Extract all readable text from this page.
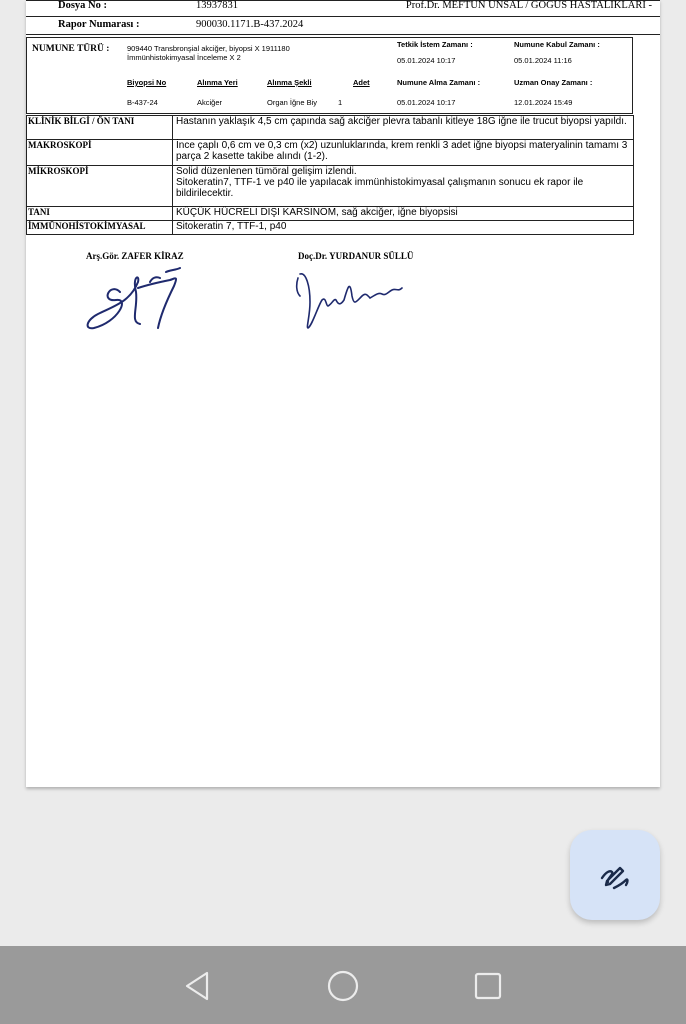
Dosya No :	13937831	Prof.Dr. MEFTUN ÜNSAL / GÖĞÜS HASTALIKLARI -
Rapor Numarası :	900030.1171.B-437.2024
NUMUNE TÜRÜ : 909440 Transbronşial akciğer, biyopsi X 1911180
İmmünhistokimyasal İnceleme X 2
Tetkik İstem Zamanı :
05.01.2024 10:17
Numune Kabul Zamanı :
05.01.2024 11:16
Biyopsi No	Alınma Yeri	Alınma Şekli	Adet	Numune Alma Zamanı :	Uzman Onay Zamanı :
B-437-24	Akciğer	Organ İğne Biy	1	05.01.2024 10:17	12.01.2024 15:49
KLİNİK BİLGİ / ÖN TANI	Hastanın yaklaşık 4,5 cm çapında sağ akciğer plevra tabanlı kitleye 18G iğne ile trucut biyopsi yapıldı.
MAKROSKOPİ	İnce çaplı 0,6 cm ve 0,3 cm (x2) uzunluklarında, krem renkli 3 adet iğne biyopsi materyalinin tamamı 3 parça 2 kasette takibe alındı (1-2).
MİKROSKOPİ	Solid düzenlenen tümöral gelişim izlendi.
Sitokeratin7, TTF-1 ve p40 ile yapılacak immünhistokimyasal çalışmanın sonucu ek rapor ile bildirilecektir.

TANI	KÜÇÜK HÜCRELİ DIŞI KARSİNOM, sağ akciğer, iğne biyopsisi
İMMÜNOHİSTOKİMYASAL	Sitokeratin 7, TTF-1, p40
Arş.Gör. ZAFER KİRAZ	Doç.Dr. YURDANUR SÜLLÜ
